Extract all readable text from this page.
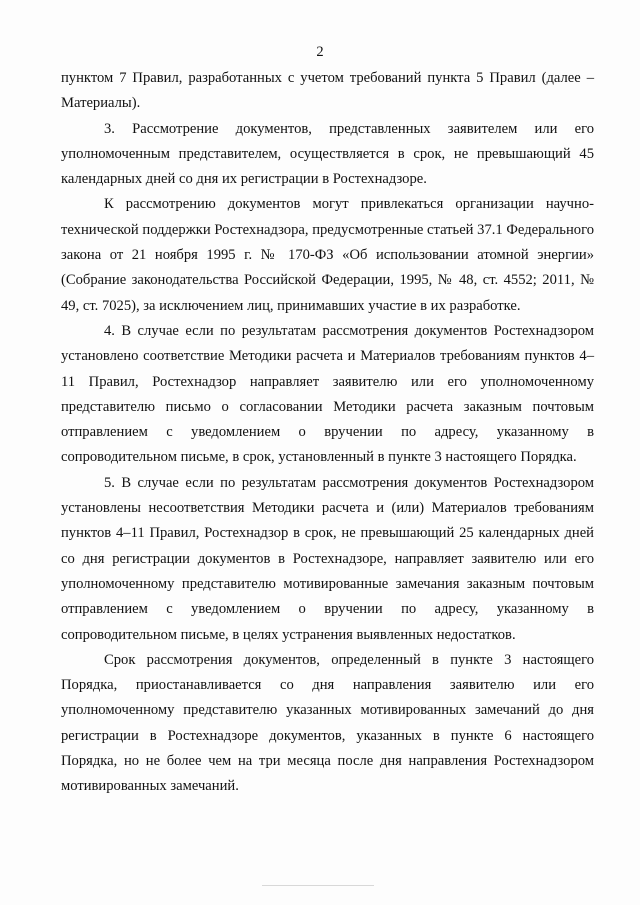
2

пунктом 7 Правил, разработанных с учетом требований пункта 5 Правил (далее – Материалы).

3. Рассмотрение документов, представленных заявителем или его уполномоченным представителем, осуществляется в срок, не превышающий 45 календарных дней со дня их регистрации в Ростехнадзоре.

К рассмотрению документов могут привлекаться организации научно-технической поддержки Ростехнадзора, предусмотренные статьей 37.1 Федерального закона от 21 ноября 1995 г. № 170-ФЗ «Об использовании атомной энергии» (Собрание законодательства Российской Федерации, 1995, № 48, ст. 4552; 2011, № 49, ст. 7025), за исключением лиц, принимавших участие в их разработке.

4. В случае если по результатам рассмотрения документов Ростехнадзором установлено соответствие Методики расчета и Материалов требованиям пунктов 4–11 Правил, Ростехнадзор направляет заявителю или его уполномоченному представителю письмо о согласовании Методики расчета заказным почтовым отправлением с уведомлением о вручении по адресу, указанному в сопроводительном письме, в срок, установленный в пункте 3 настоящего Порядка.

5. В случае если по результатам рассмотрения документов Ростехнадзором установлены несоответствия Методики расчета и (или) Материалов требованиям пунктов 4–11 Правил, Ростехнадзор в срок, не превышающий 25 календарных дней со дня регистрации документов в Ростехнадзоре, направляет заявителю или его уполномоченному представителю мотивированные замечания заказным почтовым отправлением с уведомлением о вручении по адресу, указанному в сопроводительном письме, в целях устранения выявленных недостатков.

Срок рассмотрения документов, определенный в пункте 3 настоящего Порядка, приостанавливается со дня направления заявителю или его уполномоченному представителю указанных мотивированных замечаний до дня регистрации в Ростехнадзоре документов, указанных в пункте 6 настоящего Порядка, но не более чем на три месяца после дня направления Ростехнадзором мотивированных замечаний.
